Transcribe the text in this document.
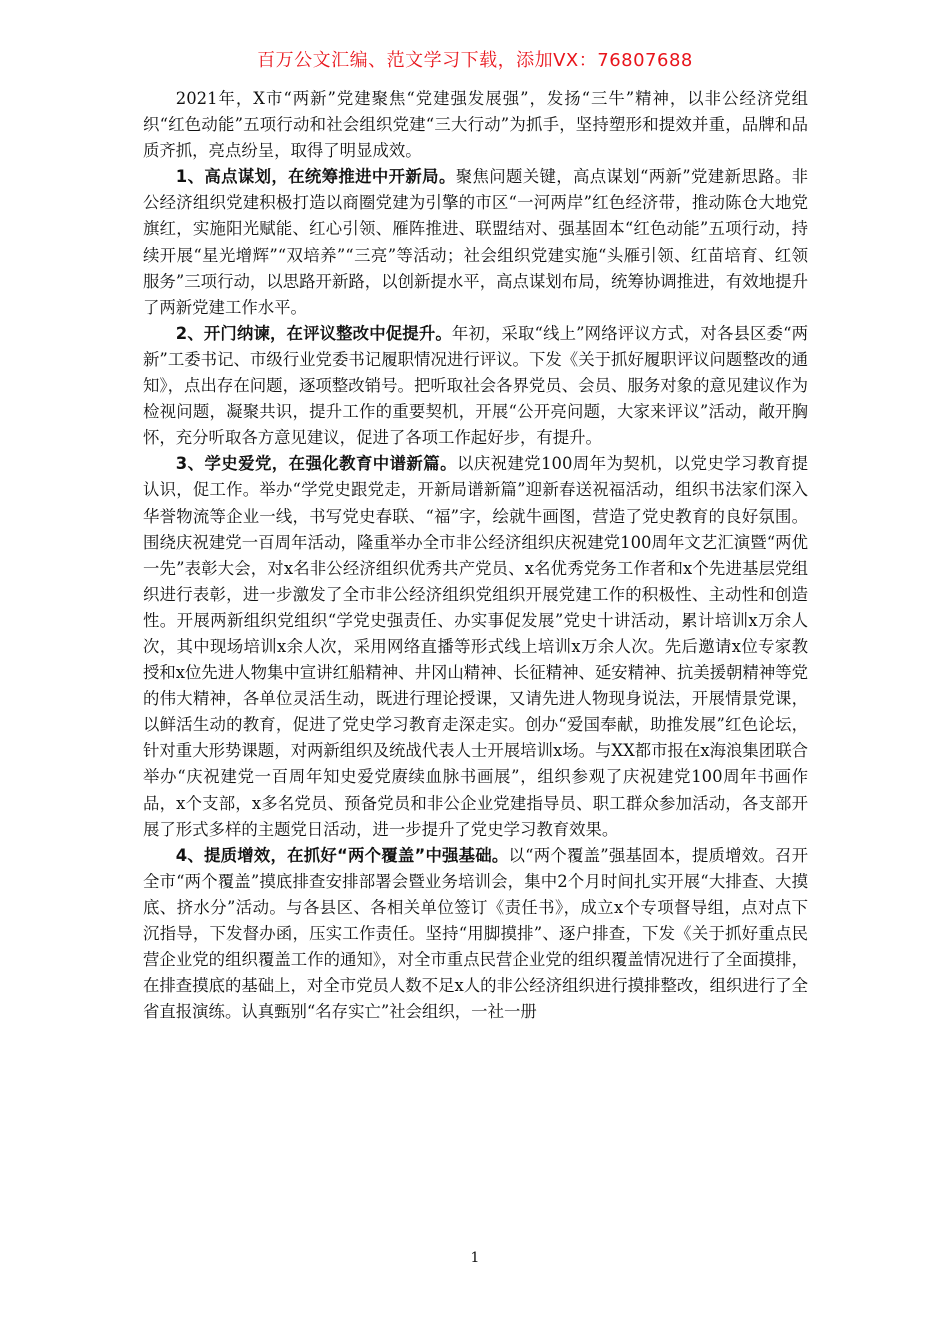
百万公文汇编、范文学习下载，添加VX：76807688

2021年，X市“两新”党建聚焦“党建强发展强”，发扬“三牛”精神，以非公经济党组织“红色动能”五项行动和社会组织党建“三大行动”为抓手，坚持塑形和提效并重，品牌和品质齐抓，亮点纷呈，取得了明显成效。

1、高点谋划，在统筹推进中开新局。聚焦问题关键，高点谋划“两新”党建新思路。非公经济组织党建积极打造以商圈党建为引擎的市区“一河两岸”红色经济带，推动陈仓大地党旗红，实施阳光赋能、红心引领、雁阵推进、联盟结对、强基固本“红色动能”五项行动，持续开展“星光增辉”“双培养”“三亮”等活动；社会组织党建实施“头雁引领、红苗培育、红领服务”三项行动，以思路开新路，以创新提水平，高点谋划布局，统筹协调推进，有效地提升了两新党建工作水平。

2、开门纳谏，在评议整改中促提升。年初，采取“线上”网络评议方式，对各县区委“两新”工委书记、市级行业党委书记履职情况进行评议。下发《关于抓好履职评议问题整改的通知》，点出存在问题，逐项整改销号。把听取社会各界党员、会员、服务对象的意见建议作为检视问题，凝聚共识，提升工作的重要契机，开展“公开亮问题，大家来评议”活动，敞开胸怀，充分听取各方意见建议，促进了各项工作起好步，有提升。

3、学史爱党，在强化教育中谱新篇。以庆祝建党100周年为契机，以党史学习教育提认识，促工作。举办“学党史跟党走，开新局谱新篇”迎新春送祝福活动，组织书法家们深入华誉物流等企业一线，书写党史春联、“福”字，绘就牛画图，营造了党史教育的良好氛围。围绕庆祝建党一百周年活动，隆重举办全市非公经济组织庆祝建党100周年文艺汇演暨“两优一先”表彰大会，对x名非公经济组织优秀共产党员、x名优秀党务工作者和x个先进基层党组织进行表彰，进一步激发了全市非公经济组织党组织开展党建工作的积极性、主动性和创造性。开展两新组织党组织“学党史强责任、办实事促发展”党史十讲活动，累计培训x万余人次，其中现场培训x余人次，采用网络直播等形式线上培训x万余人次。先后邀请x位专家教授和x位先进人物集中宣讲红船精神、井冈山精神、长征精神、延安精神、抗美援朝精神等党的伟大精神，各单位灵活生动，既进行理论授课，又请先进人物现身说法，开展情景党课，以鲜活生动的教育，促进了党史学习教育走深走实。创办“爱国奉献，助推发展”红色论坛，针对重大形势课题，对两新组织及统战代表人士开展培训x场。与XX都市报在x海浪集团联合举办“庆祝建党一百周年知史爱党赓续血脉书画展”，组织参观了庆祝建党100周年书画作品，x个支部，x多名党员、预备党员和非公企业党建指导员、职工群众参加活动，各支部开展了形式多样的主题党日活动，进一步提升了党史学习教育效果。

4、提质增效，在抓好“两个覆盖”中强基础。以“两个覆盖”强基固本，提质增效。召开全市“两个覆盖”摸底排查安排部署会暨业务培训会，集中2个月时间扎实开展“大排查、大摸底、挤水分”活动。与各县区、各相关单位签订《责任书》，成立x个专项督导组，点对点下沉指导，下发督办函，压实工作责任。坚持“用脚摸排”、逐户排查，下发《关于抓好重点民营企业党的组织覆盖工作的通知》，对全市重点民营企业党的组织覆盖情况进行了全面摸排，在排查摸底的基础上，对全市党员人数不足x人的非公经济组织进行摸排整改，组织进行了全省直报演练。认真甄别“名存实亡”社会组织，一社一册

1
